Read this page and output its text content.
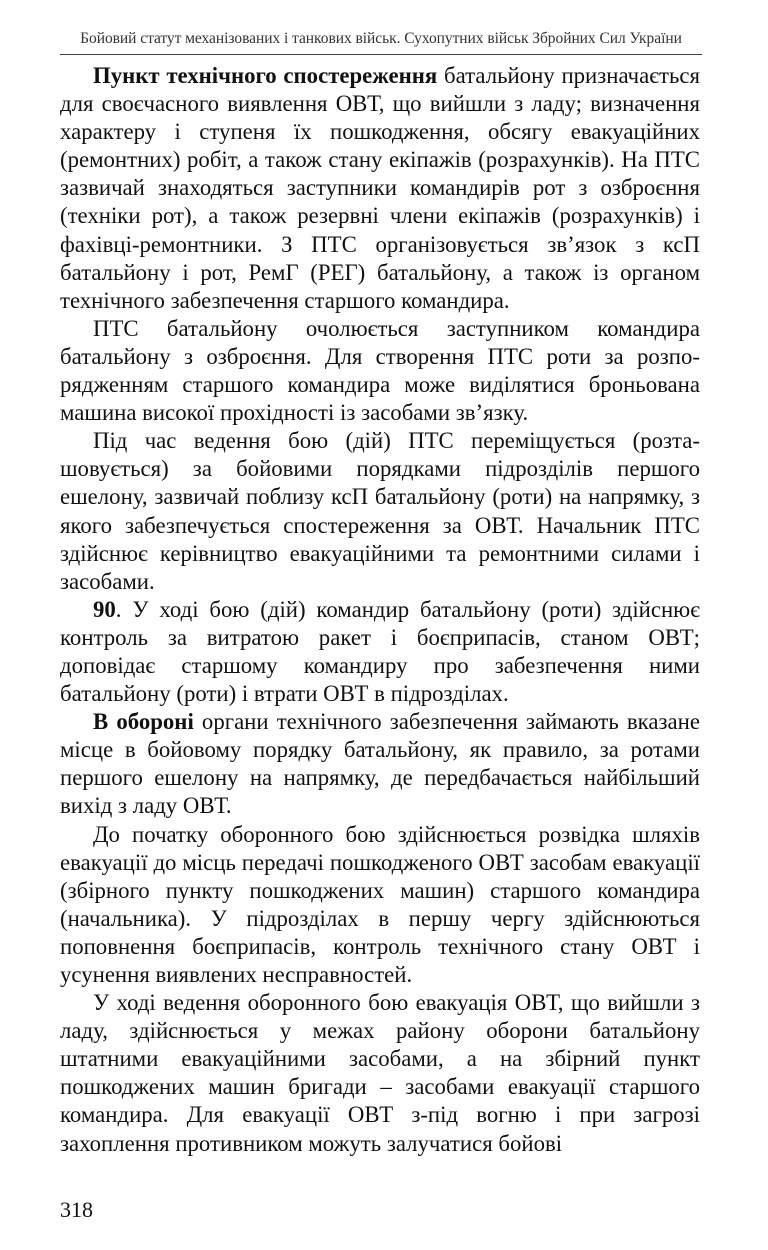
Бойовий статут механізованих і танкових військ. Сухопутних військ Збройних Сил України

Пункт технічного спостереження батальйону призначається для своєчасного виявлення ОВТ, що вийшли з ладу; визначення характеру і ступеня їх пошкодження, обсягу евакуаційних (ремонтних) робіт, а також стану екіпажів (розрахунків). На ПТС зазвичай знаходяться заступники командирів рот з озброєння (техніки рот), а також резервні члени екіпажів (розрахунків) і фахівці-ремонтники. З ПТС організовується зв’язок з ксП батальйону і рот, РемГ (РЕГ) батальйону, а також із органом технічного забезпечення старшого командира.

ПТС батальйону очолюється заступником командира батальйону з озброєння. Для створення ПТС роти за розпорядженням старшого командира може виділятися броньована машина високої прохідності із засобами зв’язку.

Під час ведення бою (дій) ПТС переміщується (розташовується) за бойовими порядками підрозділів першого ешелону, зазвичай поблизу ксП батальйону (роти) на напрямку, з якого забезпечується спостереження за ОВТ. Начальник ПТС здійснює керівництво евакуаційними та ремонтними силами і засобами.

90. У ході бою (дій) командир батальйону (роти) здійснює контроль за витратою ракет і боєприпасів, станом ОВТ; доповідає старшому командиру про забезпечення ними батальйону (роти) і втрати ОВТ в підрозділах.

В обороні органи технічного забезпечення займають вказане місце в бойовому порядку батальйону, як правило, за ротами першого ешелону на напрямку, де передбачається найбільший вихід з ладу ОВТ.

До початку оборонного бою здійснюється розвідка шляхів евакуації до місць передачі пошкодженого ОВТ засобам евакуації (збірного пункту пошкоджених машин) старшого командира (начальника). У підрозділах в першу чергу здійснюються поповнення боєприпасів, контроль технічного стану ОВТ і усунення виявлених несправностей.

У ході ведення оборонного бою евакуація ОВТ, що вийшли з ладу, здійснюється у межах району оборони батальйону штатними евакуаційними засобами, а на збірний пункт пошкоджених машин бригади – засобами евакуації старшого командира. Для евакуації ОВТ з-під вогню і при загрозі захоплення противником можуть залучатися бойові

318
